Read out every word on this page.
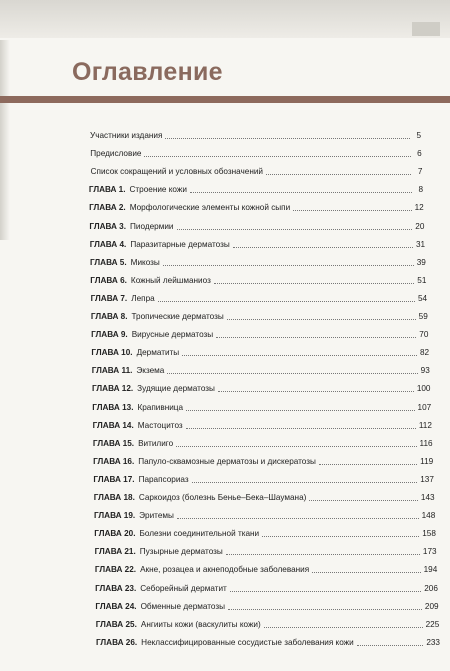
Оглавление
Участники издания	5
Предисловие	6
Список сокращений и условных обозначений	7
ГЛАВА 1. Строение кожи	8
ГЛАВА 2. Морфологические элементы кожной сыпи	12
ГЛАВА 3. Пиодермии	20
ГЛАВА 4. Паразитарные дерматозы	31
ГЛАВА 5. Микозы	39
ГЛАВА 6. Кожный лейшманиоз	51
ГЛАВА 7. Лепра	54
ГЛАВА 8. Тропические дерматозы	59
ГЛАВА 9. Вирусные дерматозы	70
ГЛАВА 10. Дерматиты	82
ГЛАВА 11. Экзема	93
ГЛАВА 12. Зудящие дерматозы	100
ГЛАВА 13. Крапивница	107
ГЛАВА 14. Мастоцитоз	112
ГЛАВА 15. Витилиго	116
ГЛАВА 16. Папуло-сквамозные дерматозы и дискератозы	119
ГЛАВА 17. Парапсориаз	137
ГЛАВА 18. Саркоидоз (болезнь Бенье–Бека–Шаумана)	143
ГЛАВА 19. Эритемы	148
ГЛАВА 20. Болезни соединительной ткани	158
ГЛАВА 21. Пузырные дерматозы	173
ГЛАВА 22. Акне, розацеа и акнеподобные заболевания	194
ГЛАВА 23. Себорейный дерматит	206
ГЛАВА 24. Обменные дерматозы	209
ГЛАВА 25. Ангииты кожи (васкулиты кожи)	225
ГЛАВА 26. Неклассифицированные сосудистые заболевания кожи	233
